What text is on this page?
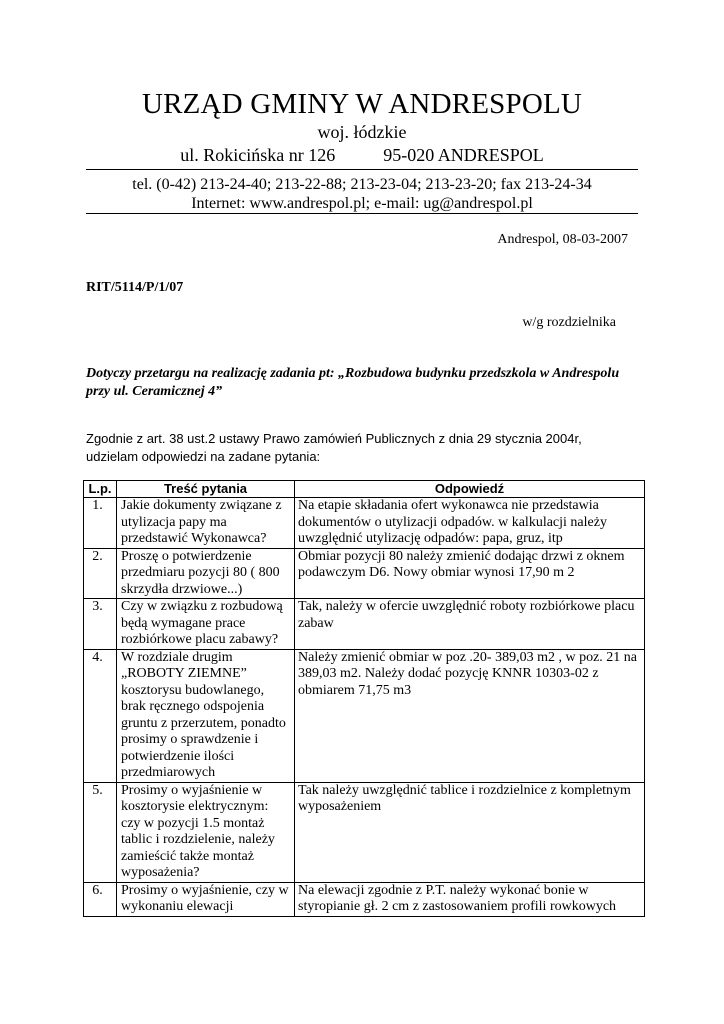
URZĄD GMINY W ANDRESPOLU
woj. łódzkie
ul. Rokicińska nr 126	95-020 ANDRESPOL
tel. (0-42) 213-24-40; 213-22-88; 213-23-04; 213-23-20; fax 213-24-34
Internet: www.andrespol.pl; e-mail: ug@andrespol.pl
Andrespol, 08-03-2007
RIT/5114/P/1/07
w/g rozdzielnika
Dotyczy przetargu na realizację zadania pt: „Rozbudowa budynku przedszkola w Andrespolu przy ul. Ceramicznej 4”
Zgodnie z art. 38 ust.2 ustawy Prawo zamówień Publicznych z dnia 29 stycznia 2004r, udzielam odpowiedzi na zadane pytania:
L.p.	Treść pytania	Odpowiedź
1.	Jakie dokumenty związane z utylizacja papy ma przedstawić Wykonawca?	Na etapie składania ofert wykonawca nie przedstawia dokumentów o utylizacji odpadów. w kalkulacji należy uwzględnić utylizację odpadów: papa, gruz, itp
2.	Proszę o potwierdzenie przedmiaru pozycji 80 ( 800 skrzydła drzwiowe...)	Obmiar pozycji 80 należy zmienić dodając drzwi z oknem podawczym D6. Nowy obmiar wynosi 17,90 m 2
3.	Czy w związku z rozbudową będą wymagane prace rozbiórkowe placu zabawy?	Tak, należy w ofercie uwzględnić roboty rozbiórkowe placu zabaw
4.	W rozdziale drugim „ROBOTY ZIEMNE” kosztorysu budowlanego, brak ręcznego odspojenia gruntu z przerzutem, ponadto prosimy o sprawdzenie i potwierdzenie ilości przedmiarowych	Należy zmienić obmiar w poz .20- 389,03 m2 , w poz. 21 na 389,03 m2. Należy dodać pozycję KNNR 10303-02 z obmiarem 71,75 m3
5.	Prosimy o wyjaśnienie w kosztorysie elektrycznym: czy w pozycji 1.5 montaż tablic i rozdzielenie, należy zamieścić także montaż wyposażenia?	Tak należy uwzględnić tablice i rozdzielnice z kompletnym wyposażeniem
6.	Prosimy o wyjaśnienie, czy w wykonaniu elewacji	Na elewacji zgodnie z P.T. należy wykonać bonie w styropianie gł. 2 cm z zastosowaniem profili rowkowych
